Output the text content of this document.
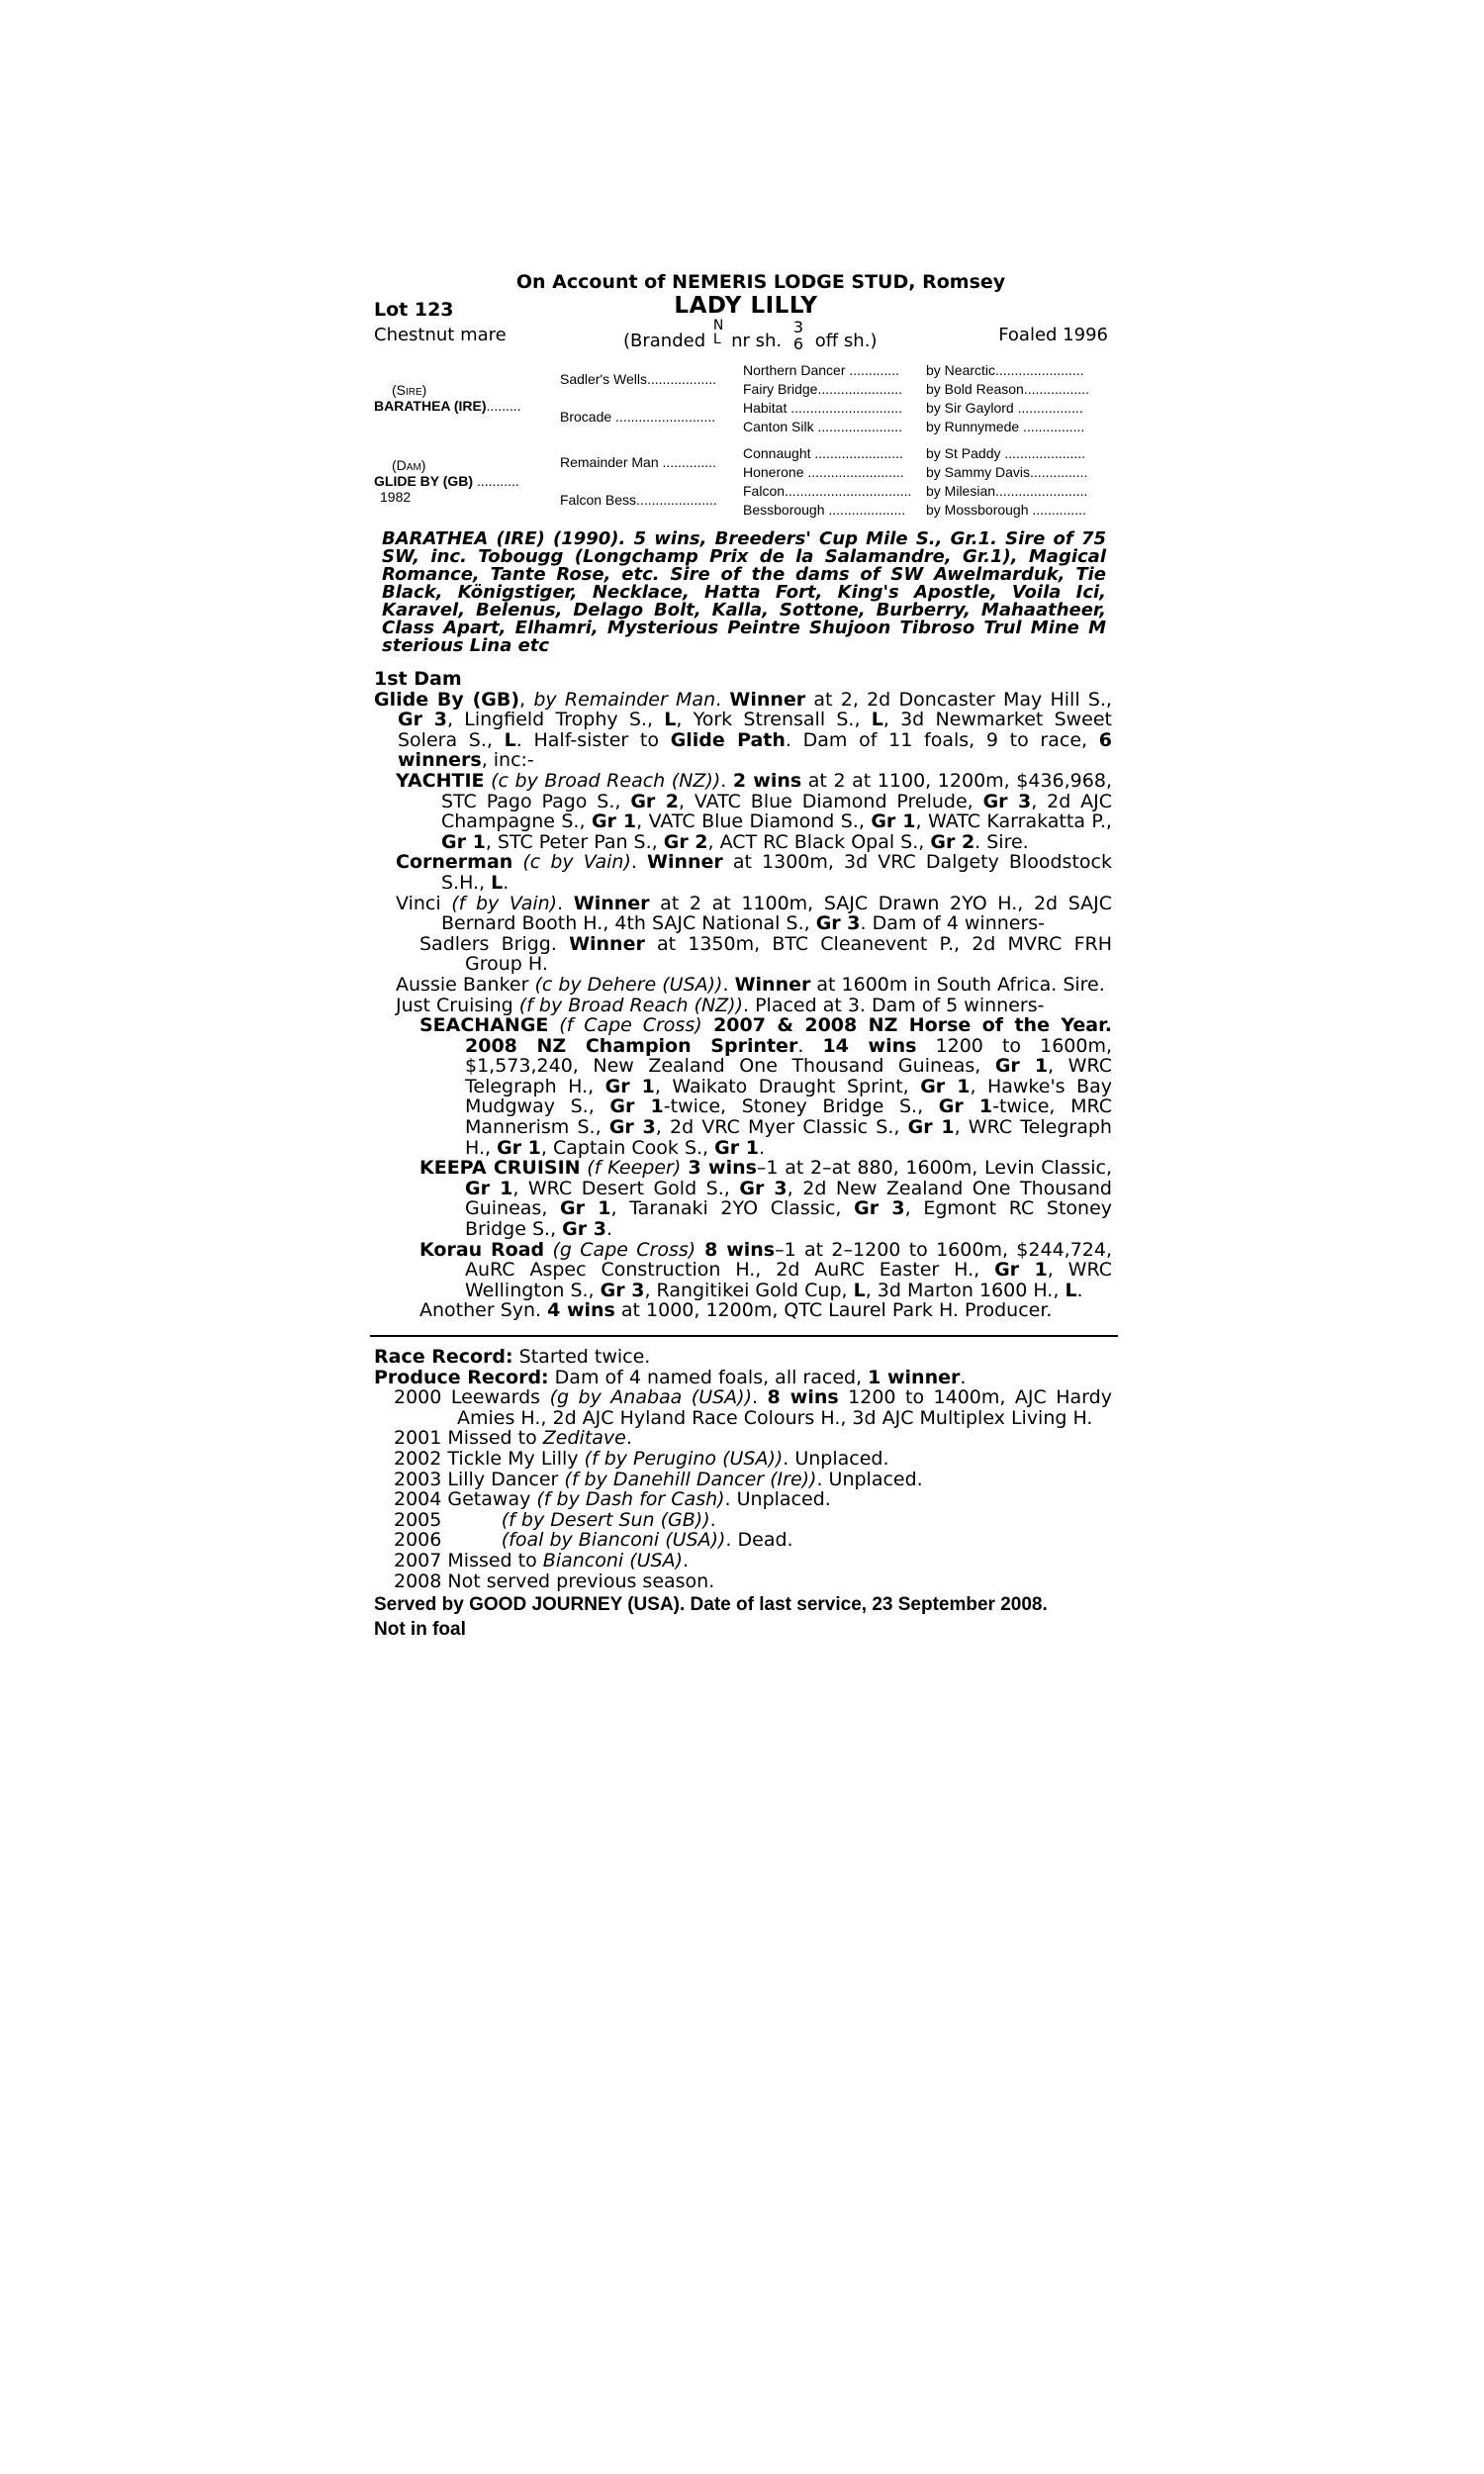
On Account of NEMERIS LODGE STUD, Romsey
Lot 123	LADY LILLY
Chestnut mare	(Branded N
L nr sh. 3
6 off sh.)	Foaled 1996
(Sire)
BARATHEA (IRE).........	Sadler's Wells..................	Northern Dancer .............	by Nearctic.......................
		Fairy Bridge......................	by Bold Reason.................
	Brocade ..........................	Habitat .............................	by Sir Gaylord .................
		Canton Silk ......................	by Runnymede ................

(Dam)
GLIDE BY (GB) ...........
1982	Remainder Man ..............	Connaught .......................	by St Paddy .....................
		Honerone .........................	by Sammy Davis...............
	Falcon Bess.....................	Falcon.................................	by Milesian........................
		Bessborough ....................	by Mossborough ..............
BARATHEA (IRE) (1990). 5 wins, Breeders' Cup Mile S., Gr.1. Sire of 75 SW, inc. Tobougg (Longchamp Prix de la Salamandre, Gr.1), Magical Romance, Tante Rose, etc. Sire of the dams of SW Awelmarduk, Tie Black, Königstiger, Necklace, Hatta Fort, King's Apostle, Voila Ici, Karavel, Belenus, Delago Bolt, Kalla, Sottone, Burberry, Mahaatheer, Class Apart, Elhamri, Mysterious Peintre Shujoon Tibroso Trul Mine M sterious Lina etc
1st Dam
Glide By (GB), by Remainder Man. Winner at 2, 2d Doncaster May Hill S., Gr 3, Lingfield Trophy S., L, York Strensall S., L, 3d Newmarket Sweet Solera S., L. Half-sister to Glide Path. Dam of 11 foals, 9 to race, 6 winners, inc:-
YACHTIE (c by Broad Reach (NZ)). 2 wins at 2 at 1100, 1200m, $436,968, STC Pago Pago S., Gr 2, VATC Blue Diamond Prelude, Gr 3, 2d AJC Champagne S., Gr 1, VATC Blue Diamond S., Gr 1, WATC Karrakatta P., Gr 1, STC Peter Pan S., Gr 2, ACT RC Black Opal S., Gr 2. Sire.
Cornerman (c by Vain). Winner at 1300m, 3d VRC Dalgety Bloodstock S.H., L.
Vinci (f by Vain). Winner at 2 at 1100m, SAJC Drawn 2YO H., 2d SAJC Bernard Booth H., 4th SAJC National S., Gr 3. Dam of 4 winners-
Sadlers Brigg. Winner at 1350m, BTC Cleanevent P., 2d MVRC FRH Group H.
Aussie Banker (c by Dehere (USA)). Winner at 1600m in South Africa. Sire.
Just Cruising (f by Broad Reach (NZ)). Placed at 3. Dam of 5 winners-
SEACHANGE (f Cape Cross) 2007 & 2008 NZ Horse of the Year. 2008 NZ Champion Sprinter. 14 wins 1200 to 1600m, $1,573,240, New Zealand One Thousand Guineas, Gr 1, WRC Telegraph H., Gr 1, Waikato Draught Sprint, Gr 1, Hawke's Bay Mudgway S., Gr 1-twice, Stoney Bridge S., Gr 1-twice, MRC Mannerism S., Gr 3, 2d VRC Myer Classic S., Gr 1, WRC Telegraph H., Gr 1, Captain Cook S., Gr 1.
KEEPA CRUISIN (f Keeper) 3 wins–1 at 2–at 880, 1600m, Levin Classic, Gr 1, WRC Desert Gold S., Gr 3, 2d New Zealand One Thousand Guineas, Gr 1, Taranaki 2YO Classic, Gr 3, Egmont RC Stoney Bridge S., Gr 3.
Korau Road (g Cape Cross) 8 wins–1 at 2–1200 to 1600m, $244,724, AuRC Aspec Construction H., 2d AuRC Easter H., Gr 1, WRC Wellington S., Gr 3, Rangitikei Gold Cup, L, 3d Marton 1600 H., L.
Another Syn. 4 wins at 1000, 1200m, QTC Laurel Park H. Producer.
Race Record: Started twice.
Produce Record: Dam of 4 named foals, all raced, 1 winner.
2000 Leewards (g by Anabaa (USA)). 8 wins 1200 to 1400m, AJC Hardy Amies H., 2d AJC Hyland Race Colours H., 3d AJC Multiplex Living H.
2001 Missed to Zeditave.
2002 Tickle My Lilly (f by Perugino (USA)). Unplaced.
2003 Lilly Dancer (f by Danehill Dancer (Ire)). Unplaced.
2004 Getaway (f by Dash for Cash). Unplaced.
2005          (f by Desert Sun (GB)).
2006          (foal by Bianconi (USA)). Dead.
2007 Missed to Bianconi (USA).
2008 Not served previous season.
Served by GOOD JOURNEY (USA). Date of last service, 23 September 2008.
Not in foal
